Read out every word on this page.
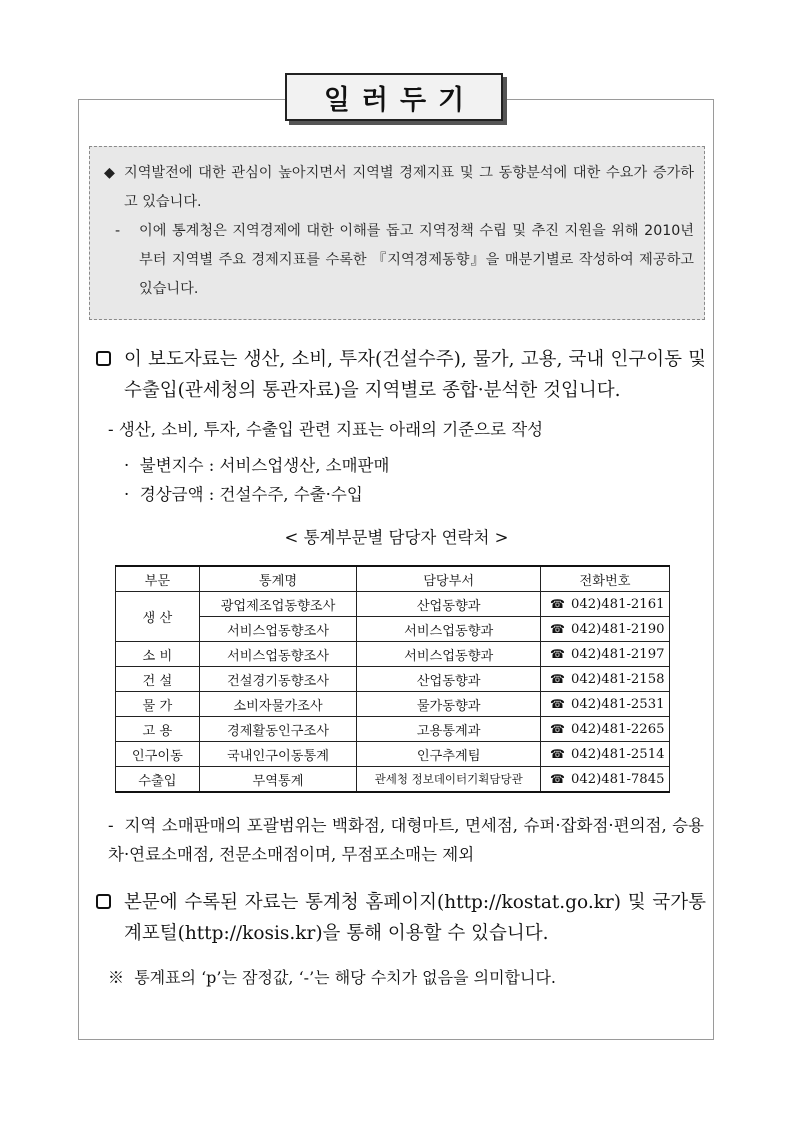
일러두기
◆ 지역발전에 대한 관심이 높아지면서 지역별 경제지표 및 그 동향분석에 대한 수요가 증가하고 있습니다.
- 이에 통계청은 지역경제에 대한 이해를 돕고 지역정책 수립 및 추진 지원을 위해 2010년부터 지역별 주요 경제지표를 수록한 『지역경제동향』을 매분기별로 작성하여 제공하고 있습니다.
이 보도자료는 생산, 소비, 투자(건설수주), 물가, 고용, 국내 인구이동 및 수출입(관세청의 통관자료)을 지역별로 종합·분석한 것입니다.
- 생산, 소비, 투자, 수출입 관련 지표는 아래의 기준으로 작성
· 불변지수 : 서비스업생산, 소매판매
· 경상금액 : 건설수주, 수출·수입
< 통계부문별 담당자 연락처 >
부문	통계명	담당부서	전화번호
생 산	광업제조업동향조사	산업동향과	☎ 042)481-2161
	서비스업동향조사	서비스업동향과	☎ 042)481-2190
소 비	서비스업동향조사	서비스업동향과	☎ 042)481-2197
건 설	건설경기동향조사	산업동향과	☎ 042)481-2158
물 가	소비자물가조사	물가동향과	☎ 042)481-2531
고 용	경제활동인구조사	고용통계과	☎ 042)481-2265
인구이동	국내인구이동통계	인구추계팀	☎ 042)481-2514
수출입	무역통계	관세청 정보데이터기획담당관	☎ 042)481-7845
- 지역 소매판매의 포괄범위는 백화점, 대형마트, 면세점, 슈퍼·잡화점·편의점, 승용차·연료소매점, 전문소매점이며, 무점포소매는 제외
본문에 수록된 자료는 통계청 홈페이지(http://kostat.go.kr) 및 국가통계포털(http://kosis.kr)을 통해 이용할 수 있습니다.
※ 통계표의 ‘p’는 잠정값, ‘-’는 해당 수치가 없음을 의미합니다.
